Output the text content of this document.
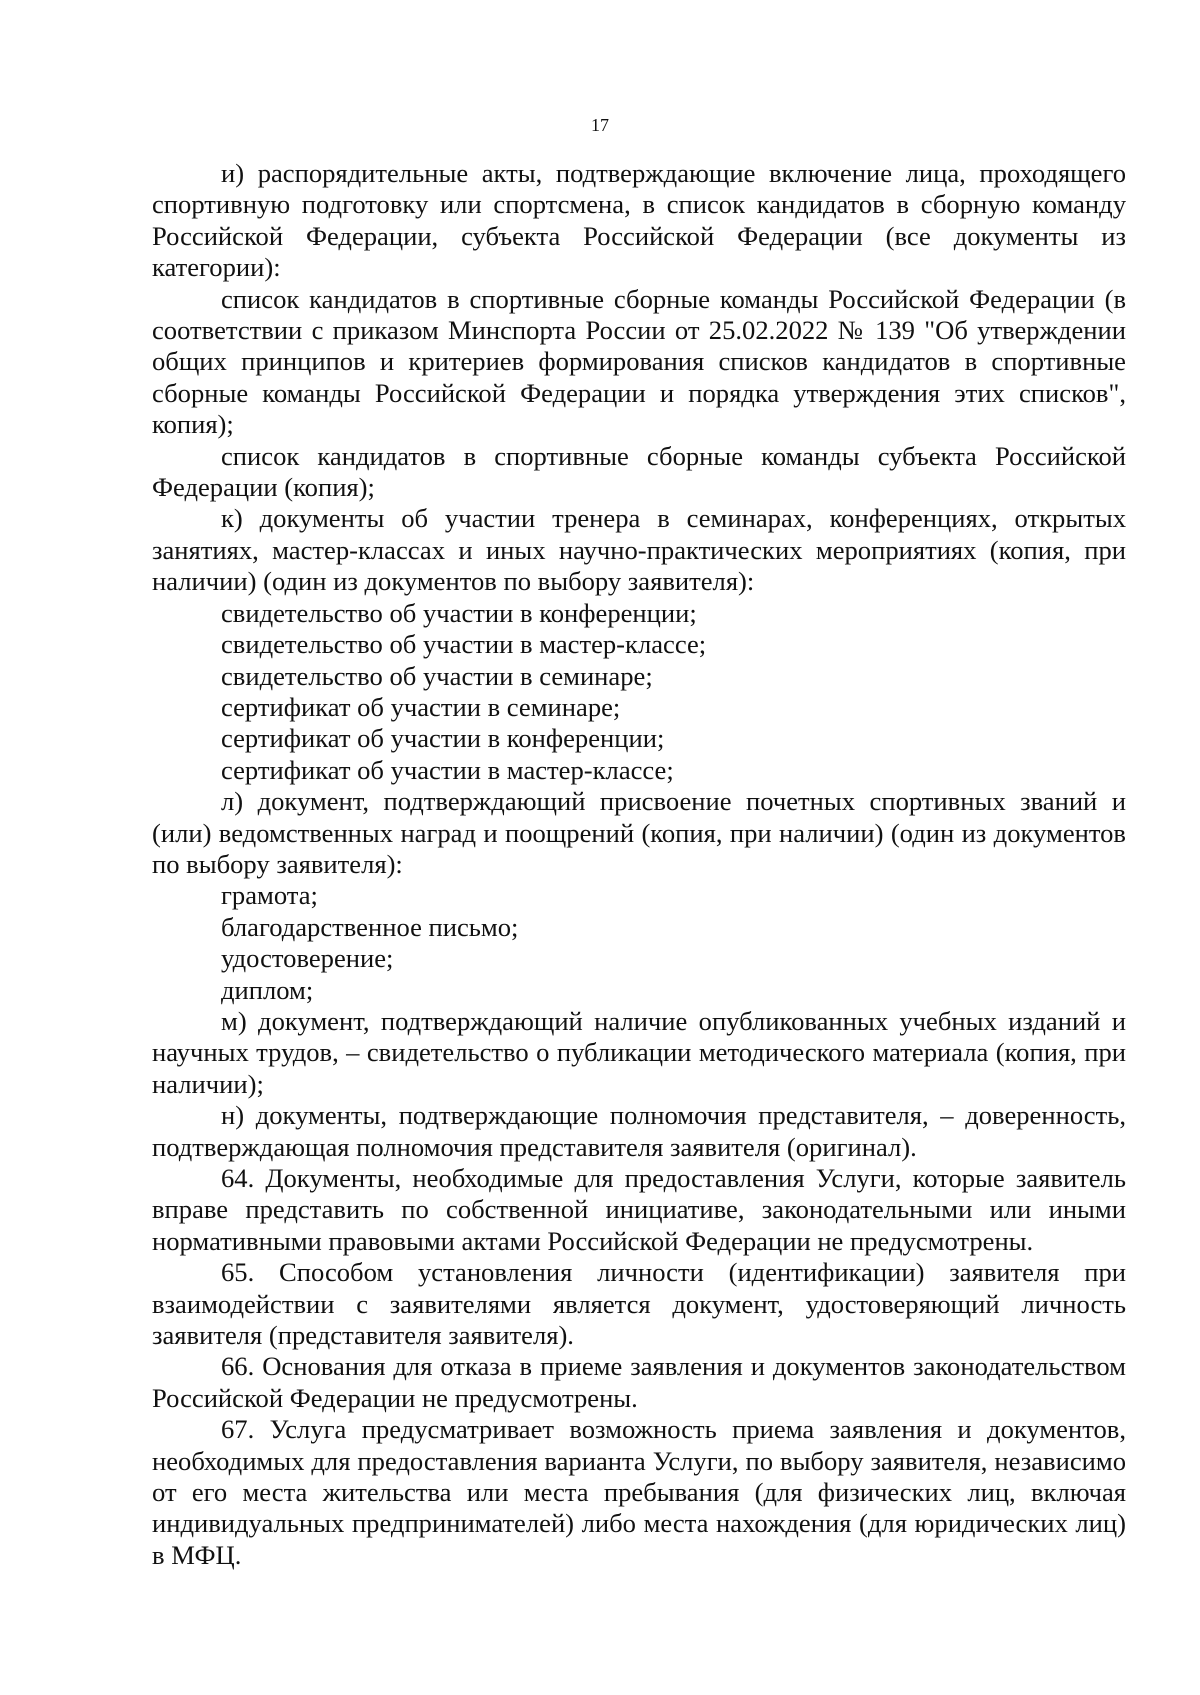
17

и) распорядительные акты, подтверждающие включение лица, проходящего спортивную подготовку или спортсмена, в список кандидатов в сборную команду Российской Федерации, субъекта Российской Федерации (все документы из категории):

список кандидатов в спортивные сборные команды Российской Федерации (в соответствии с приказом Минспорта России от 25.02.2022 № 139 "Об утверждении общих принципов и критериев формирования списков кандидатов в спортивные сборные команды Российской Федерации и порядка утверждения этих списков", копия);

список кандидатов в спортивные сборные команды субъекта Российской Федерации (копия);

к) документы об участии тренера в семинарах, конференциях, открытых занятиях, мастер-классах и иных научно-практических мероприятиях (копия, при наличии) (один из документов по выбору заявителя):

свидетельство об участии в конференции;

свидетельство об участии в мастер-классе;

свидетельство об участии в семинаре;

сертификат об участии в семинаре;

сертификат об участии в конференции;

сертификат об участии в мастер-классе;

л) документ, подтверждающий присвоение почетных спортивных званий и (или) ведомственных наград и поощрений (копия, при наличии) (один из документов по выбору заявителя):

грамота;

благодарственное письмо;

удостоверение;

диплом;

м) документ, подтверждающий наличие опубликованных учебных изданий и научных трудов, – свидетельство о публикации методического материала (копия, при наличии);

н) документы, подтверждающие полномочия представителя, – доверенность, подтверждающая полномочия представителя заявителя (оригинал).

64. Документы, необходимые для предоставления Услуги, которые заявитель вправе представить по собственной инициативе, законодательными или иными нормативными правовыми актами Российской Федерации не предусмотрены.

65. Способом установления личности (идентификации) заявителя при взаимодействии с заявителями является документ, удостоверяющий личность заявителя (представителя заявителя).

66. Основания для отказа в приеме заявления и документов законодательством Российской Федерации не предусмотрены.

67. Услуга предусматривает возможность приема заявления и документов, необходимых для предоставления варианта Услуги, по выбору заявителя, независимо от его места жительства или места пребывания (для физических лиц, включая индивидуальных предпринимателей) либо места нахождения (для юридических лиц) в МФЦ.
